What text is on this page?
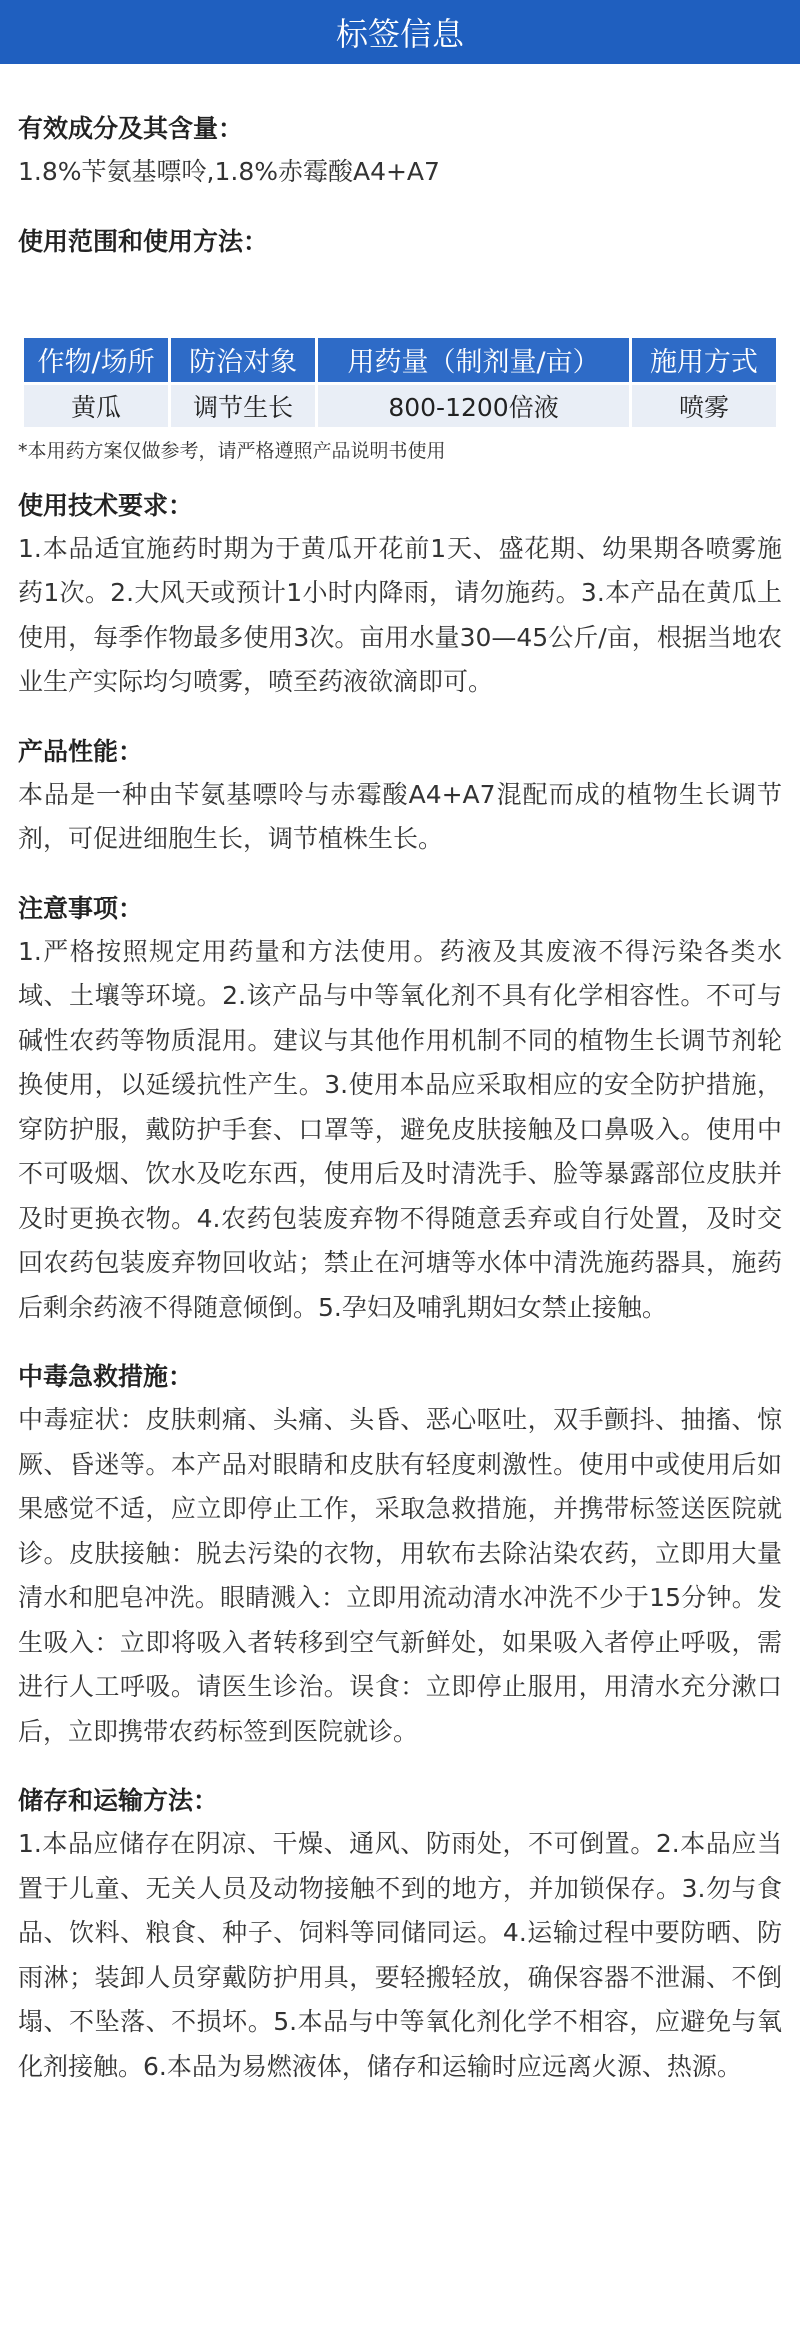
标签信息
有效成分及其含量：

1.8%苄氨基嘌呤,1.8%赤霉酸A4+A7

使用范围和使用方法：
作物/场所	防治对象	用药量（制剂量/亩）	施用方式
黄瓜	调节生长	800-1200倍液	喷雾

*本用药方案仅做参考，请严格遵照产品说明书使用

使用技术要求：

1.本品适宜施药时期为于黄瓜开花前1天、盛花期、幼果期各喷雾施药1次。2.大风天或预计1小时内降雨，请勿施药。3.本产品在黄瓜上使用，每季作物最多使用3次。亩用水量30—45公斤/亩，根据当地农业生产实际均匀喷雾，喷至药液欲滴即可。

产品性能：

本品是一种由苄氨基嘌呤与赤霉酸A4+A7混配而成的植物生长调节剂，可促进细胞生长，调节植株生长。

注意事项：

1.严格按照规定用药量和方法使用。药液及其废液不得污染各类水域、土壤等环境。2.该产品与中等氧化剂不具有化学相容性。不可与碱性农药等物质混用。建议与其他作用机制不同的植物生长调节剂轮换使用，以延缓抗性产生。3.使用本品应采取相应的安全防护措施，穿防护服，戴防护手套、口罩等，避免皮肤接触及口鼻吸入。使用中不可吸烟、饮水及吃东西，使用后及时清洗手、脸等暴露部位皮肤并及时更换衣物。4.农药包装废弃物不得随意丢弃或自行处置，及时交回农药包装废弃物回收站；禁止在河塘等水体中清洗施药器具，施药后剩余药液不得随意倾倒。5.孕妇及哺乳期妇女禁止接触。

中毒急救措施：

中毒症状：皮肤刺痛、头痛、头昏、恶心呕吐，双手颤抖、抽搐、惊厥、昏迷等。本产品对眼睛和皮肤有轻度刺激性。使用中或使用后如果感觉不适，应立即停止工作，采取急救措施，并携带标签送医院就诊。皮肤接触：脱去污染的衣物，用软布去除沾染农药，立即用大量清水和肥皂冲洗。眼睛溅入：立即用流动清水冲洗不少于15分钟。发生吸入：立即将吸入者转移到空气新鲜处，如果吸入者停止呼吸，需进行人工呼吸。请医生诊治。误食：立即停止服用，用清水充分漱口后，立即携带农药标签到医院就诊。

储存和运输方法：

1.本品应储存在阴凉、干燥、通风、防雨处，不可倒置。2.本品应当置于儿童、无关人员及动物接触不到的地方，并加锁保存。3.勿与食品、饮料、粮食、种子、饲料等同储同运。4.运输过程中要防晒、防雨淋；装卸人员穿戴防护用具，要轻搬轻放，确保容器不泄漏、不倒塌、不坠落、不损坏。5.本品与中等氧化剂化学不相容，应避免与氧化剂接触。6.本品为易燃液体，储存和运输时应远离火源、热源。
